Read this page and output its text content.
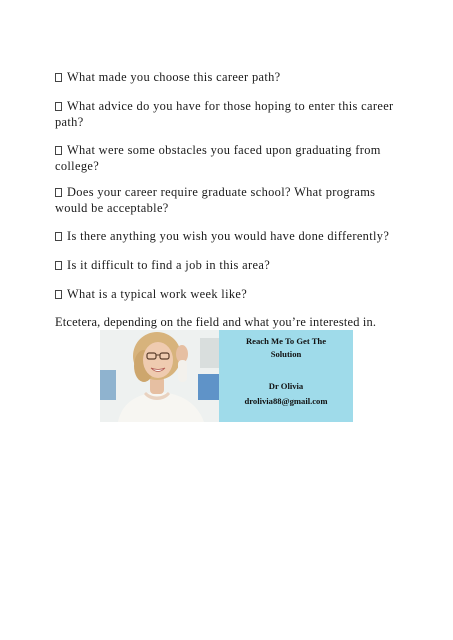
What made you choose this career path?

What advice do you have for those hoping to enter this career path?

What were some obstacles you faced upon graduating from college?

Does your career require graduate school? What programs would be acceptable?

Is there anything you wish you would have done differently?

Is it difficult to find a job in this area?

What is a typical work week like?

Etcetera, depending on the field and what you’re interested in.

Reach Me To Get The
Solution
Dr Olivia
drolivia88@gmail.com
